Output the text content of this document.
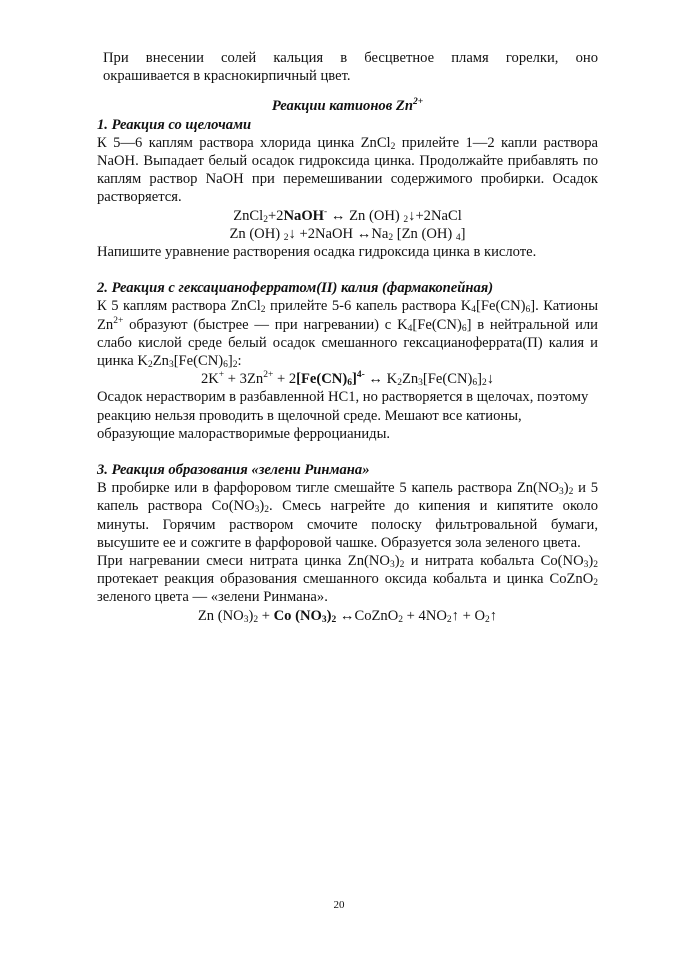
При внесении солей кальция в бесцветное пламя горелки, оно

окрашивается в краснокирпичный цвет.

Реакции катионов $Zn^{2+}$

1. Реакция со щелочами

К 5—6 каплям раствора хлорида цинка ZnCl$_2$ прилейте 1—2 капли раствора NaOH. Выпадает белый осадок гидроксида цинка. Продолжайте прибавлять по каплям раствор NaOH при перемешивании содержимого пробирки. Осадок растворяется.

ZnCl$_2$+2NaOH- ↔ Zn (OH) $_2$↓+2NaCl

Zn (OH) $_2$↓ +2NaOH $\leftrightarrow Na_2$ [Zn (OH) $_4$]

Напишите уравнение растворения осадка гидроксида цинка в кислоте.

2. Реакция с гексацианоферратом(II) калия (фармакопейная)

К 5 каплям раствора ZnCl$_2$ прилейте 5-6 капель раствора $K_4[Fe(CN)_6]$. Катионы $Zn^{2+}$ образуют (быстрее — при нагревании) с $K_4[Fe(CN)_6]$ в нейтральной или слабо кислой среде белый осадок смешанного гексацианоферрата(П) калия и цинка $K_2Zn_3[Fe(CN)_6]_2$:

$2K^+ + 3Zn^{2+} + 2[Fe(CN)_6]^{4-}$ ↔ $K_2Zn_3[Fe(CN)_6]_2↓$

Осадок нерастворим в разбавленной НС1, но растворяется в щелочах, поэтому реакцию нельзя проводить в щелочной среде. Мешают все катионы, образующие малорастворимые ферроцианиды.

3. Реакция образования «зелени Ринмана»

В пробирке или в фарфоровом тигле смешайте 5 капель раствора $Zn(NO_3)_2$ и 5 капель раствора $Co(NO_3)_2$. Смесь нагрейте до кипения и кипятите около минуты. Горячим раствором смочите полоску фильтровальной бумаги, высушите ее и сожгите в фарфоровой чашке. Образуется зола зеленого цвета.

При нагревании смеси нитрата цинка $Zn(NO_3)_2$ и нитрата кобальта $Co(NO_3)_2$ протекает реакция образования смешанного оксида кобальта и цинка CoZnO$_2$ зеленого цвета — «зелени Ринмана».

Zn $(NO_3)_2 + Co$ $(NO_3)_2$ ↔CoZnO$_2$ + $4NO_2↑$ + $O_2↑$

20
